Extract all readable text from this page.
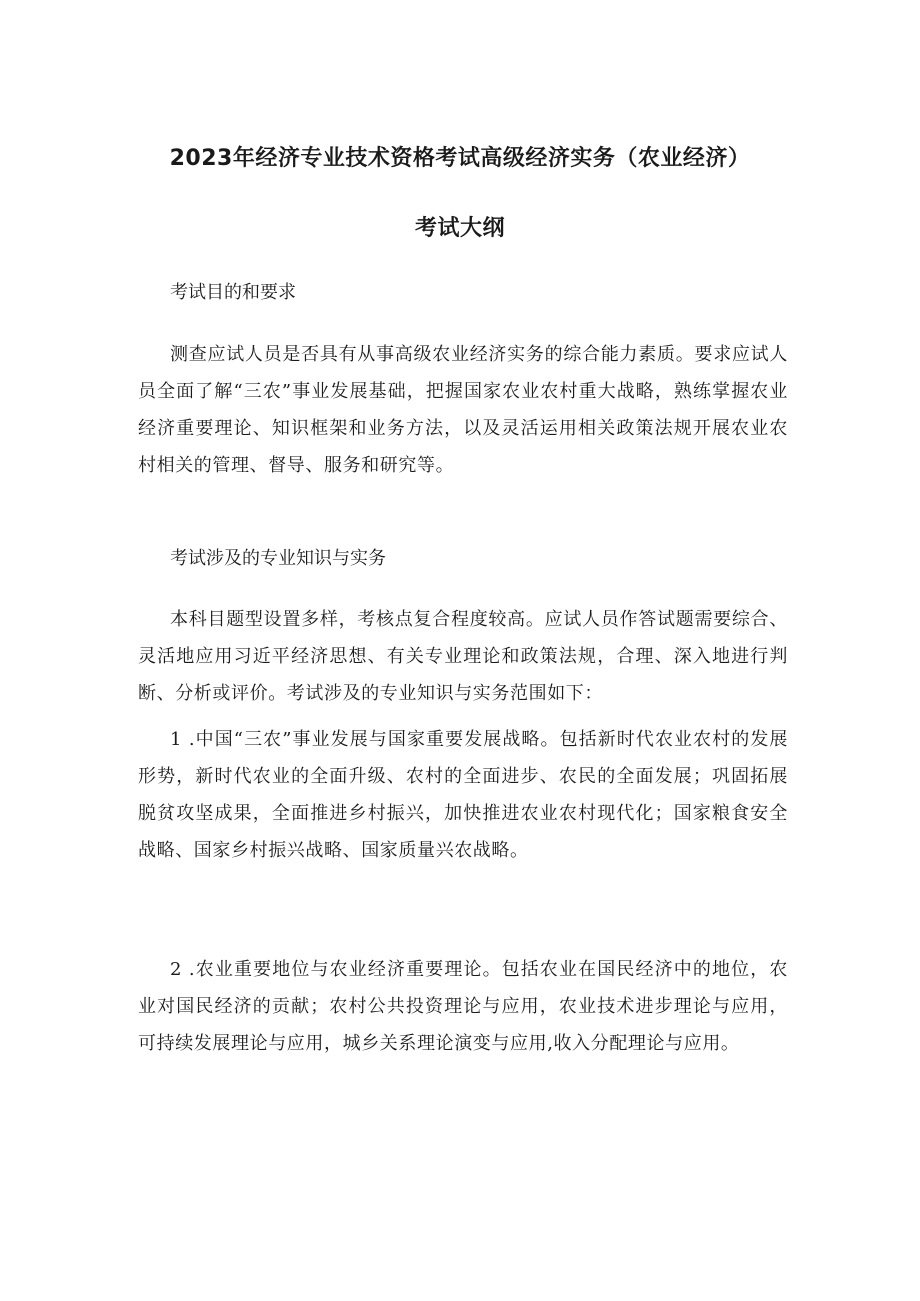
2023年经济专业技术资格考试高级经济实务（农业经济）
考试大纲
考试目的和要求
测查应试人员是否具有从事高级农业经济实务的综合能力素质。要求应试人员全面了解“三农”事业发展基础，把握国家农业农村重大战略，熟练掌握农业经济重要理论、知识框架和业务方法，以及灵活运用相关政策法规开展农业农村相关的管理、督导、服务和研究等。
考试涉及的专业知识与实务
本科目题型设置多样，考核点复合程度较高。应试人员作答试题需要综合、灵活地应用习近平经济思想、有关专业理论和政策法规，合理、深入地进行判断、分析或评价。考试涉及的专业知识与实务范围如下：
1 .中国“三农”事业发展与国家重要发展战略。包括新时代农业农村的发展形势，新时代农业的全面升级、农村的全面进步、农民的全面发展；巩固拓展脱贫攻坚成果，全面推进乡村振兴，加快推进农业农村现代化；国家粮食安全战略、国家乡村振兴战略、国家质量兴农战略。
2 .农业重要地位与农业经济重要理论。包括农业在国民经济中的地位，农业对国民经济的贡献；农村公共投资理论与应用，农业技术进步理论与应用，可持续发展理论与应用，城乡关系理论演变与应用,收入分配理论与应用。
